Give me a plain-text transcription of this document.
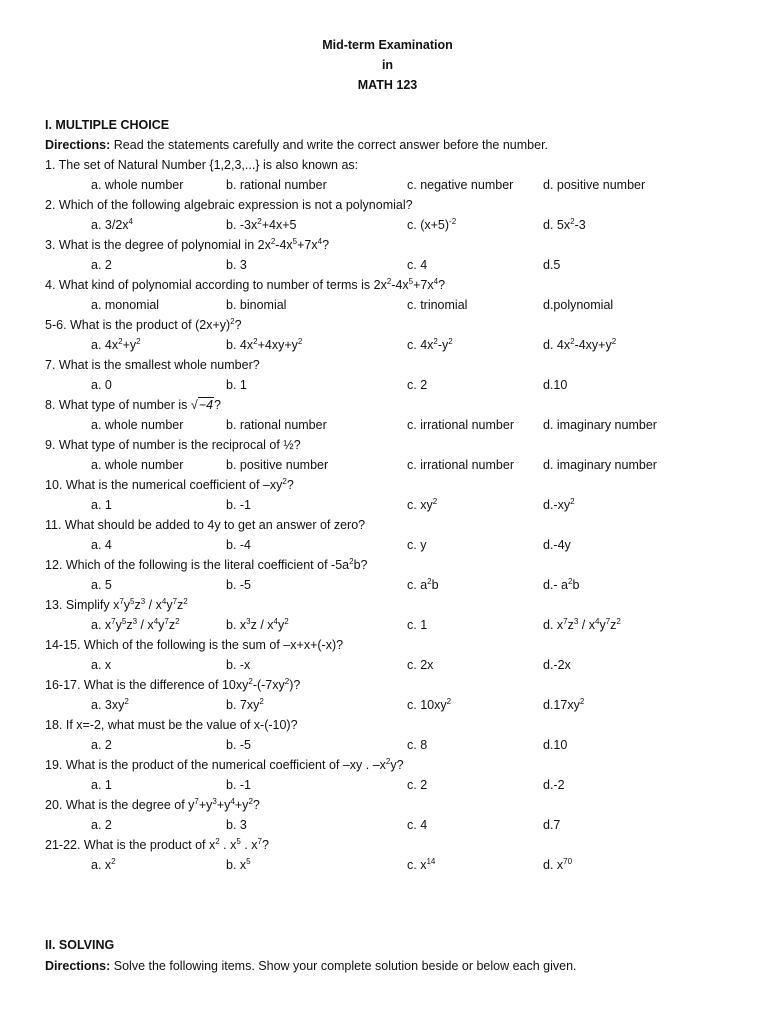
Mid-term Examination
in
MATH 123
I. MULTIPLE CHOICE
Directions: Read the statements carefully and write the correct answer before the number.
1. The set of Natural Number {1,2,3,...} is also known as:
a. whole number	b. rational number	c. negative number d. positive number
2. Which of the following algebraic expression is not a polynomial?
a. $3/2x^4$	b. $-3x^2+4x+5$	c. $(x+5)^{-2}$	d. $5x^2-3$
3. What is the degree of polynomial in $2x^2-4x^5+7x^4$?
a. 2	b. 3	c. 4	d.5
4. What kind of polynomial according to number of terms is $2x^2-4x^5+7x^4$?
a. monomial	b. binomial	c. trinomial	d.polynomial
5-6. What is the product of $(2x+y)^2$?
a. $4x^2+y^2$	b. $4x^2+4xy+y^2$	c. $4x^2-y^2$	d. $4x^2-4xy+y^2$
7. What is the smallest whole number?
a. 0	b. 1	c. 2	d.10
8. What type of number is √−4?
a. whole number	b. rational number	c. irrational number d. imaginary number
9. What type of number is the reciprocal of ½?
a. whole number	b. positive number	c. irrational number d. imaginary number
10. What is the numerical coefficient of $-xy^2$?
a. 1	b. -1	c. $xy^2$	$d.-xy^2$
11. What should be added to 4y to get an answer of zero?
a. 4	b. -4	c. y	d.-4y
12. Which of the following is the literal coefficient of $-5a^2b$?
a. 5	b. -5	c. $a^2b$	d.- $a^2b$
13. Simplify $x^7y^5z^3 / x^4y^7z^2$
a. $x^7y^5z^3 / x^4y^7z^2$	b. $x^3z / x^4y^2$	c. 1	d. $x^7z^3 / x^4y^7z^2$
14-15. Which of the following is the sum of –x+x+(-x)?
a. x	b. -x	c. 2x	d.-2x
16-17. What is the difference of $10xy^2-(-7xy^2)$?
a. $3xy^2$	b. $7xy^2$	c. $10xy^2$	$d.17xy^2$
18. If x=-2, what must be the value of x-(-10)?
a. 2	b. -5	c. 8	d.10
19. What is the product of the numerical coefficient of –xy . $-x^2y$?
a. 1	b. -1	c. 2	d.-2
20. What is the degree of $y^7+y^3+y^4+y^2$?
a. 2	b. 3	c. 4	d.7
21-22. What is the product of $x^2$ . $x^5$ . $x^7$?
a. $x^2$	b. $x^5$	c. $x^{14}$	d. $x^{70}$
II. SOLVING
Directions: Solve the following items. Show your complete solution beside or below each given.
